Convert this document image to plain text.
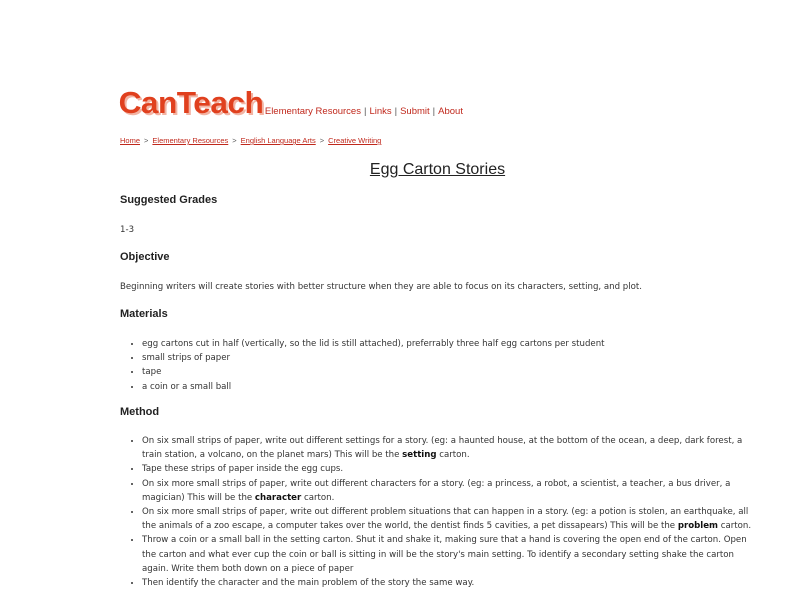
CanTeach Elementary Resources | Links | Submit | About
Home > Elementary Resources > English Language Arts > Creative Writing
Egg Carton Stories
Suggested Grades

1-3

Objective

Beginning writers will create stories with better structure when they are able to focus on its characters, setting, and plot.

Materials
• egg cartons cut in half (vertically, so the lid is still attached), preferrably three half egg cartons per student
• small strips of paper
• tape
• a coin or a small ball
Method
• On six small strips of paper, write out different settings for a story. (eg: a haunted house, at the bottom of the ocean, a deep, dark forest, a train station, a volcano, on the planet mars) This will be the setting carton.
• Tape these strips of paper inside the egg cups.
• On six more small strips of paper, write out different characters for a story. (eg: a princess, a robot, a scientist, a teacher, a bus driver, a magician) This will be the character carton.
• On six more small strips of paper, write out different problem situations that can happen in a story. (eg: a potion is stolen, an earthquake, all the animals of a zoo escape, a computer takes over the world, the dentist finds 5 cavities, a pet dissapears) This will be the problem carton.
• Throw a coin or a small ball in the setting carton. Shut it and shake it, making sure that a hand is covering the open end of the carton. Open the carton and what ever cup the coin or ball is sitting in will be the story's main setting. To identify a secondary setting shake the carton again. Write them both down on a piece of paper
• Then identify the character and the main problem of the story the same way.
